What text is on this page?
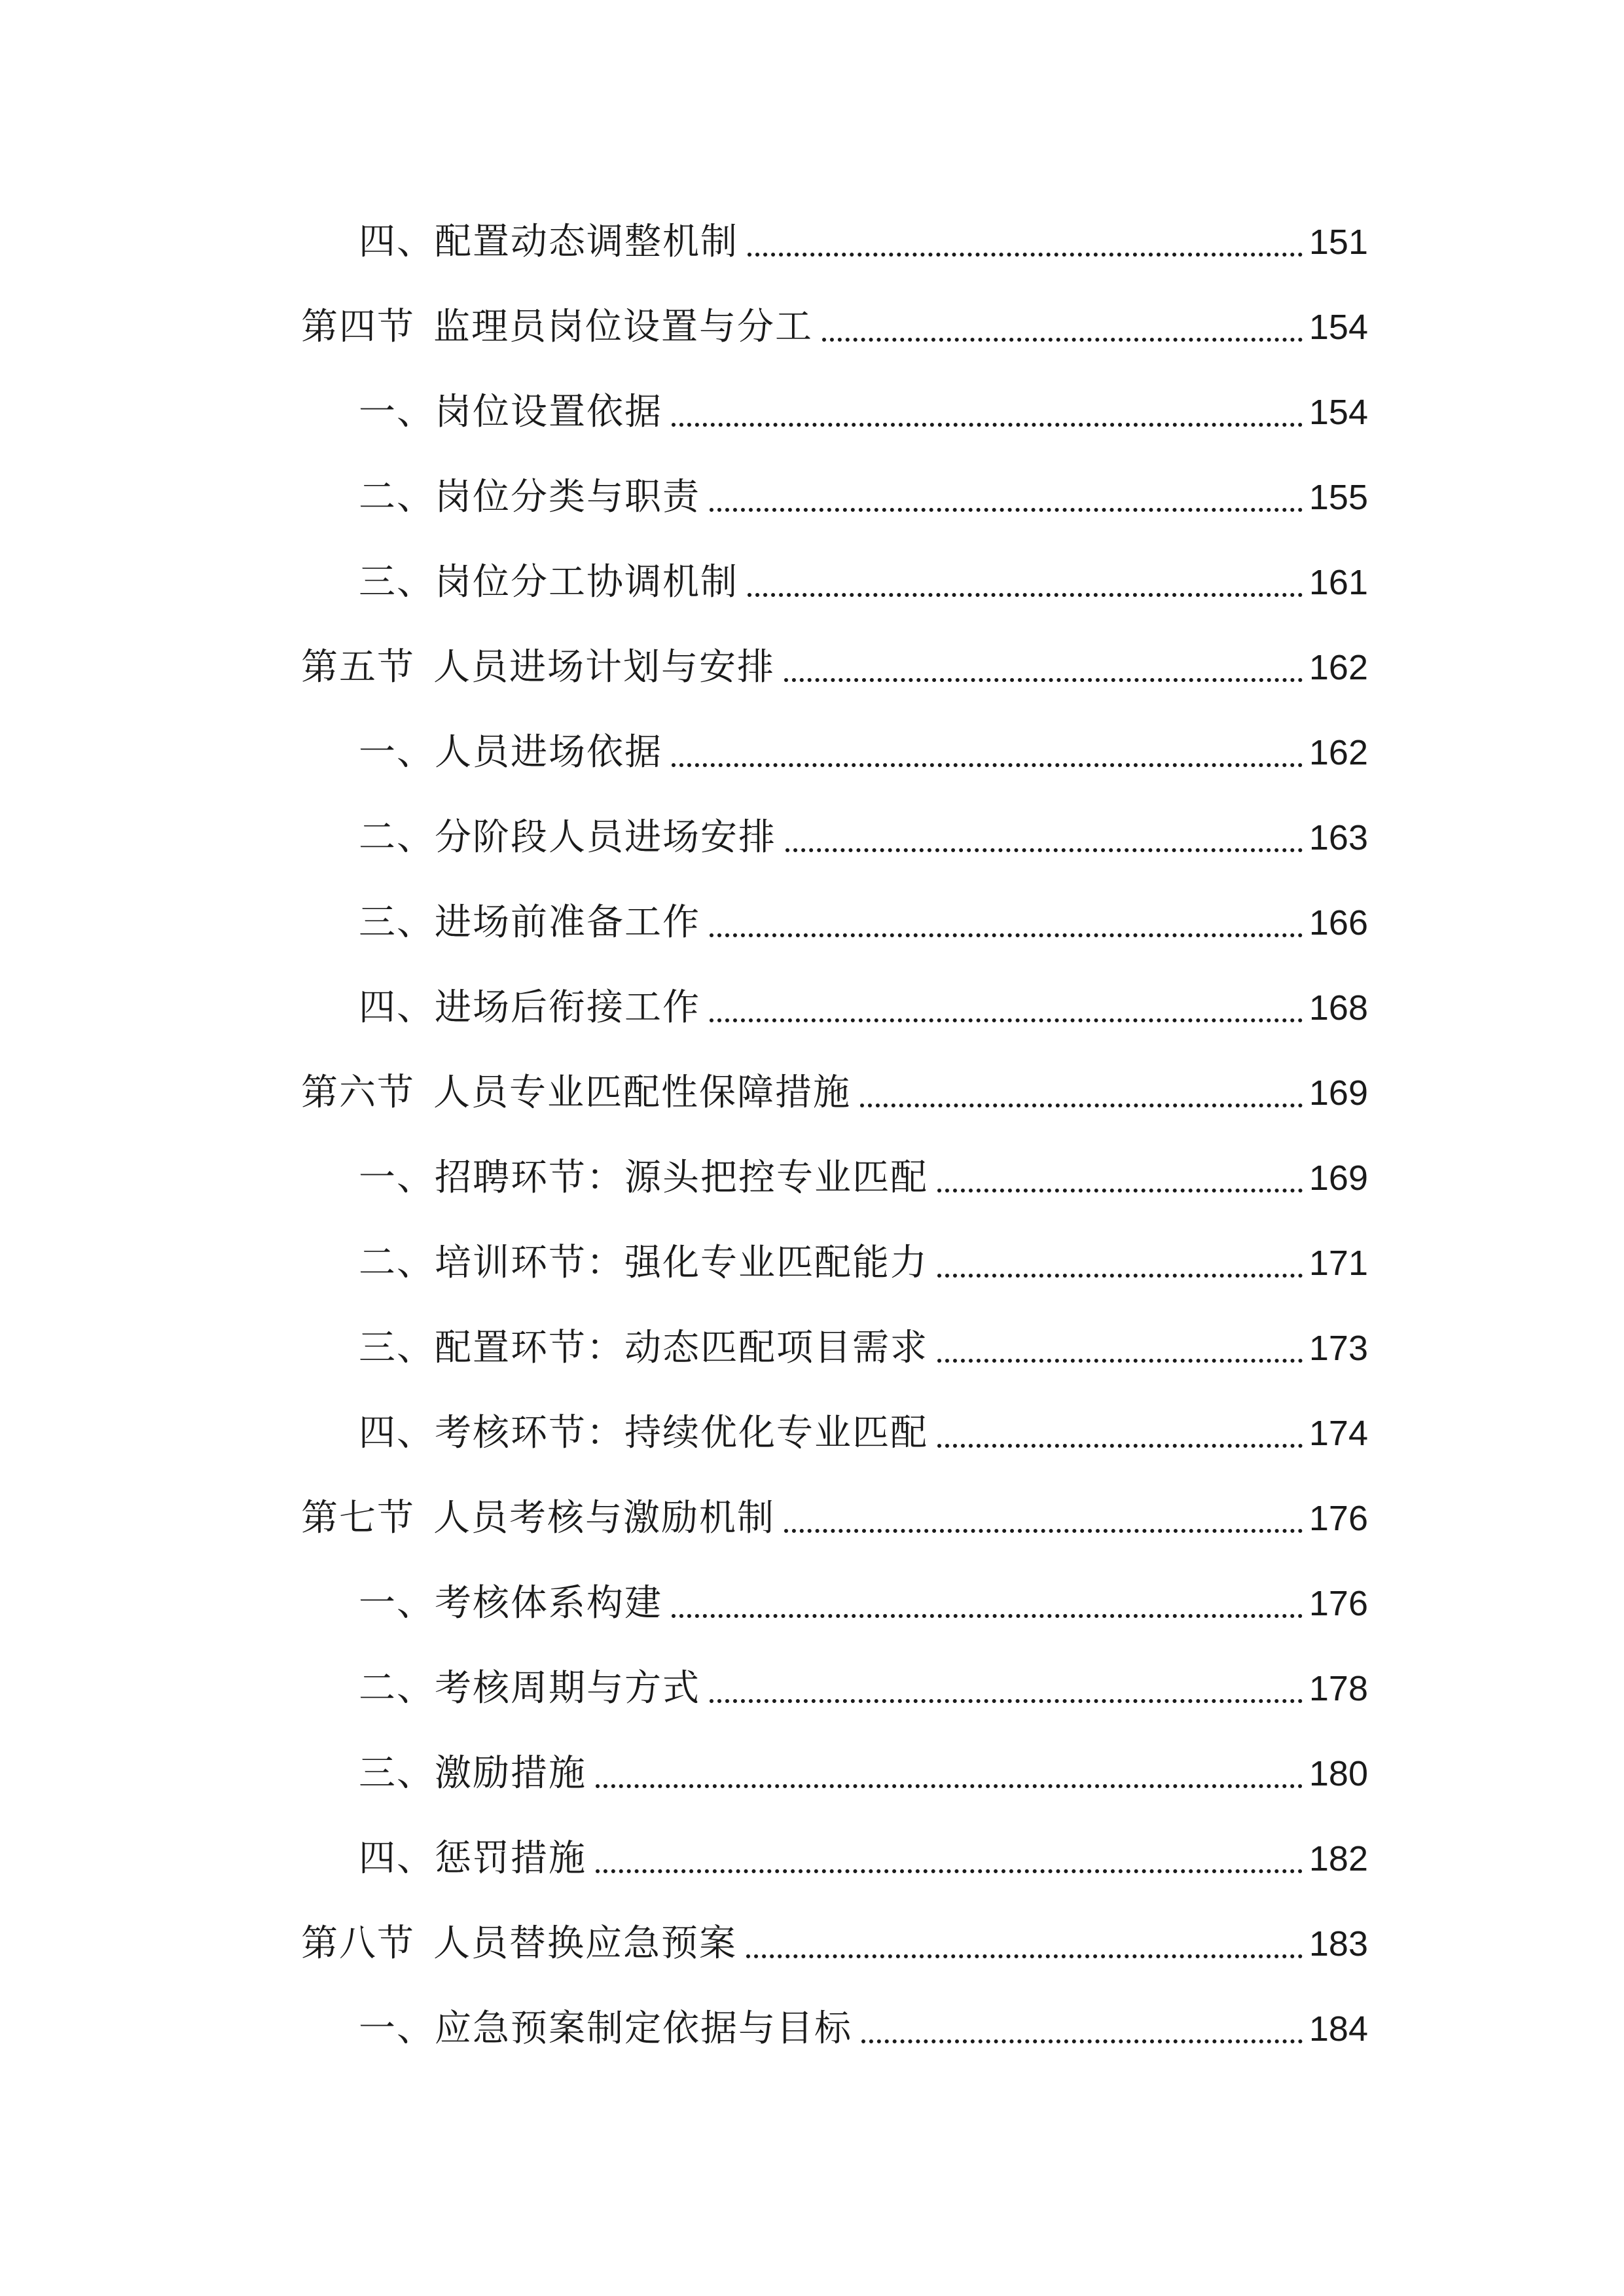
四、配置动态调整机制	151
第四节 监理员岗位设置与分工	154
一、岗位设置依据	154
二、岗位分类与职责	155
三、岗位分工协调机制	161
第五节 人员进场计划与安排	162
一、人员进场依据	162
二、分阶段人员进场安排	163
三、进场前准备工作	166
四、进场后衔接工作	168
第六节 人员专业匹配性保障措施	169
一、招聘环节：源头把控专业匹配	169
二、培训环节：强化专业匹配能力	171
三、配置环节：动态匹配项目需求	173
四、考核环节：持续优化专业匹配	174
第七节 人员考核与激励机制	176
一、考核体系构建	176
二、考核周期与方式	178
三、激励措施	180
四、惩罚措施	182
第八节 人员替换应急预案	183
一、应急预案制定依据与目标	184
